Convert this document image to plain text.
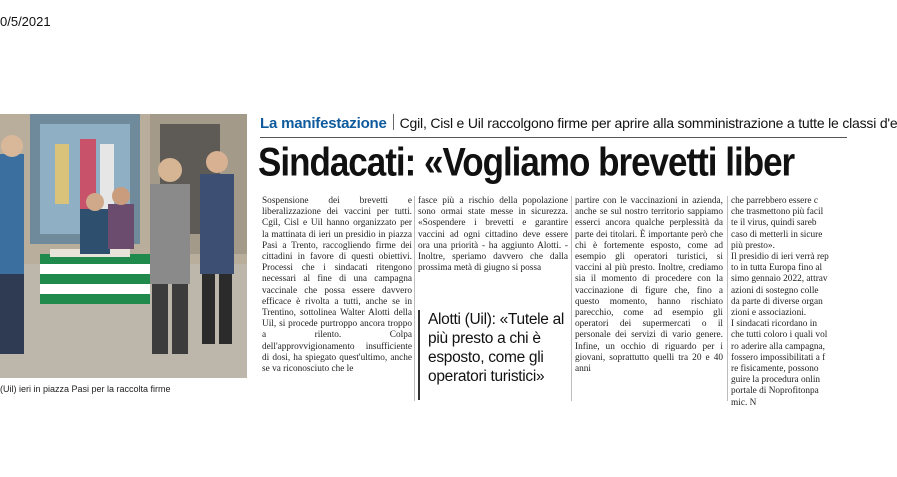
0/5/2021
(Uil) ieri in piazza Pasi per la raccolta firme
La manifestazione Cgil, Cisl e Uil raccolgono firme per aprire alla somministrazione a tutte le classi d'e
Sindacati: «Vogliamo brevetti liber

Sospensione dei brevetti e liberalizzazione dei vaccini per tutti. Cgil, Cisl e Uil hanno organizzato per la mattinata di ieri un presidio in piazza Pasi a Trento, raccogliendo firme dei cittadini in favore di questi obiettivi. Processi che i sindacati ritengono necessari al fine di una campagna vaccinale che possa essere davvero efficace è rivolta a tutti, anche se in Trentino, sottolinea Walter Alotti della Uil, si procede purtroppo ancora troppo a rilento. Colpa dell'approvvigionamento insufficiente di dosi, ha spiegato quest'ultimo, anche se va riconosciuto che le

fasce più a rischio della popolazione sono ormai state messe in sicurezza. «Sospendere i brevetti e garantire vaccini ad ogni cittadino deve essere ora una priorità - ha aggiunto Alotti. - Inoltre, speriamo davvero che dalla prossima metà di giugno si possa

Alotti (Uil): «Tutele al più presto a chi è esposto, come gli operatori turistici»

partire con le vaccinazioni in azienda, anche se sul nostro territorio sappiamo esserci ancora qualche perplessità da parte dei titolari. È importante però che chi è fortemente esposto, come ad esempio gli operatori turistici, si vaccini al più presto. Inoltre, crediamo sia il momento di procedere con la vaccinazione di figure che, fino a questo momento, hanno rischiato parecchio, come ad esempio gli operatori dei supermercati o il personale dei servizi di vario genere. Infine, un occhio di riguardo per i giovani, soprattutto quelli tra 20 e 40 anni

che parrebbero essere c
che trasmettono più facil
te il virus, quindi sareb
caso di metterli in sicure
più presto».
Il presidio di ieri verrà rep
to in tutta Europa fino al
simo gennaio 2022, attrav
azioni di sostegno colle
da parte di diverse organ
zioni e associazioni.
I sindacati ricordano in
che tutti coloro i quali vol
ro aderire alla campagna,
fossero impossibilitati a f
re fisicamente, possono
guire la procedura onlin
portale di Noprofitonpa
mic. N
